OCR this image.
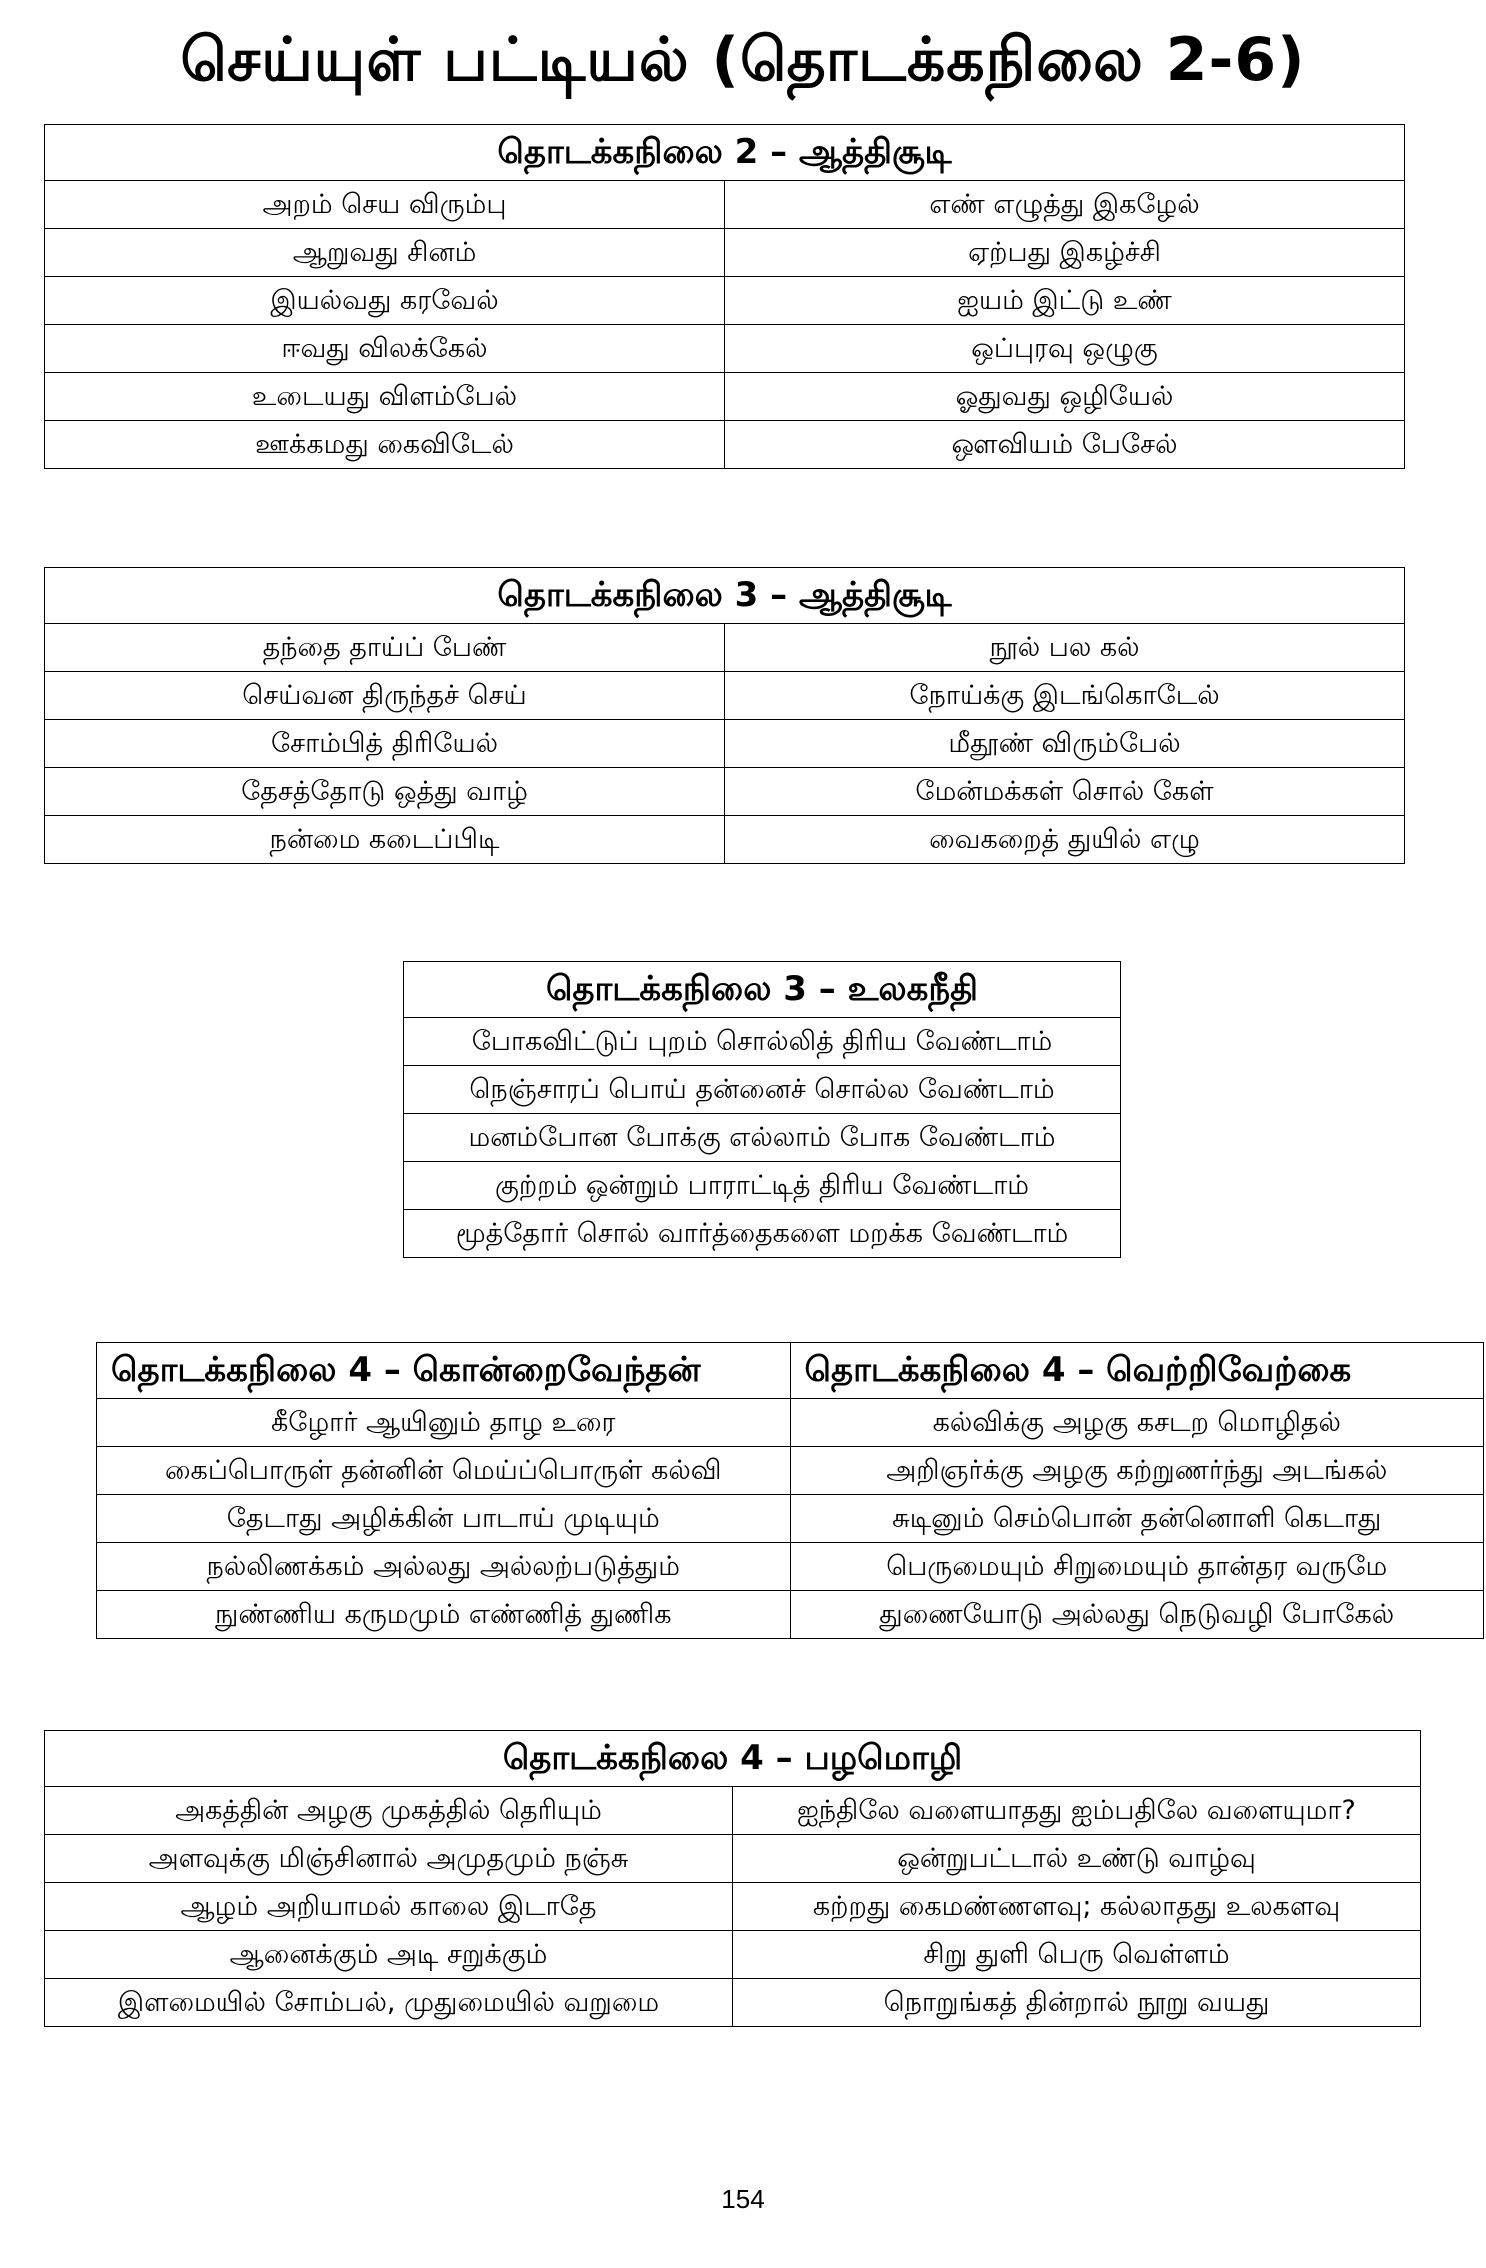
செய்யுள் பட்டியல் (தொடக்கநிலை 2-6)
தொடக்கநிலை 2 – ஆத்திசூடி	
அறம் செய விரும்பு	எண் எழுத்து இகழேல்
ஆறுவது சினம்	ஏற்பது இகழ்ச்சி
இயல்வது கரவேல்	ஐயம் இட்டு உண்
ஈவது விலக்கேல்	ஒப்புரவு ஒழுகு
உடையது விளம்பேல்	ஓதுவது ஒழியேல்
ஊக்கமது கைவிடேல்	ஔவியம் பேசேல்
தொடக்கநிலை 3 – ஆத்திசூடி	
தந்தை தாய்ப் பேண்	நூல் பல கல்
செய்வன திருந்தச் செய்	நோய்க்கு இடங்கொடேல்
சோம்பித் திரியேல்	மீதூண் விரும்பேல்
தேசத்தோடு ஒத்து வாழ்	மேன்மக்கள் சொல் கேள்
நன்மை கடைப்பிடி	வைகறைத் துயில் எழு
தொடக்கநிலை 3 – உலகநீதி
போகவிட்டுப் புறம் சொல்லித் திரிய வேண்டாம்
நெஞ்சாரப் பொய் தன்னைச் சொல்ல வேண்டாம்
மனம்போன போக்கு எல்லாம் போக வேண்டாம்
குற்றம் ஒன்றும் பாராட்டித் திரிய வேண்டாம்
மூத்தோர் சொல் வார்த்தைகளை மறக்க வேண்டாம்
தொடக்கநிலை 4 – கொன்றைவேந்தன்	தொடக்கநிலை 4 – வெற்றிவேற்கை
கீழோர் ஆயினும் தாழ உரை	கல்விக்கு அழகு கசடற மொழிதல்
கைப்பொருள் தன்னின் மெய்ப்பொருள் கல்வி	அறிஞர்க்கு அழகு கற்றுணர்ந்து அடங்கல்
தேடாது அழிக்கின் பாடாய் முடியும்	சுடினும் செம்பொன் தன்னொளி கெடாது
நல்லிணக்கம் அல்லது அல்லற்படுத்தும்	பெருமையும் சிறுமையும் தான்தர வருமே
நுண்ணிய கருமமும் எண்ணித் துணிக	துணையோடு அல்லது நெடுவழி போகேல்
தொடக்கநிலை 4 – பழமொழி	
அகத்தின் அழகு முகத்தில் தெரியும்	ஐந்திலே வளையாதது ஐம்பதிலே வளையுமா?
அளவுக்கு மிஞ்சினால் அமுதமும் நஞ்சு	ஒன்றுபட்டால் உண்டு வாழ்வு
ஆழம் அறியாமல் காலை இடாதே	கற்றது கைமண்ணளவு; கல்லாதது உலகளவு
ஆனைக்கும் அடி சறுக்கும்	சிறு துளி பெரு வெள்ளம்
இளமையில் சோம்பல், முதுமையில் வறுமை	நொறுங்கத் தின்றால் நூறு வயது
154
